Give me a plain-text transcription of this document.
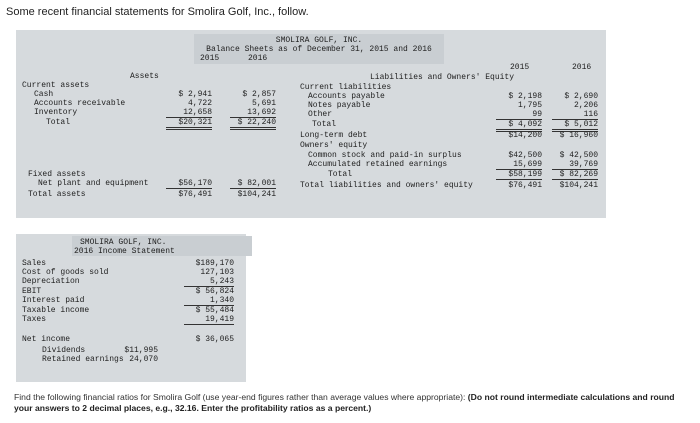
Some recent financial statements for Smolira Golf, Inc., follow.
SMOLIRA GOLF, INC.
Balance Sheets as of December 31, 2015 and 2016
2015	2016
Assets
Current assets
Cash	$ 2,941	$ 2,857
Accounts receivable	4,722	5,691
Inventory	12,658	13,692
Total	$20,321	$ 22,240
Fixed assets
Net plant and equipment	$56,170	$ 82,001
Total assets	$76,491	$104,241
2015	2016
Liabilities and Owners' Equity
Current liabilities
Accounts payable	$ 2,198	$ 2,690
Notes payable	1,795	2,206
Other	99	116
Total	$ 4,092	$ 5,012
Long-term debt	$14,200	$ 16,960
Owners' equity
Common stock and paid-in surplus	$42,500	$ 42,500
Accumulated retained earnings	15,699	39,769
Total	$58,199	$ 82,269
Total liabilities and owners' equity	$76,491	$104,241
SMOLIRA GOLF, INC.
2016 Income Statement
Sales	$189,170
Cost of goods sold	127,103
Depreciation	5,243
EBIT	$ 56,824
Interest paid	1,340
Taxable income	$ 55,484
Taxes	19,419
Net income	$ 36,065
Dividends	$11,995
Retained earnings 24,070
Find the following financial ratios for Smolira Golf (use year-end figures rather than average values where appropriate): (Do not round intermediate calculations and round your answers to 2 decimal places, e.g., 32.16. Enter the profitability ratios as a percent.)
